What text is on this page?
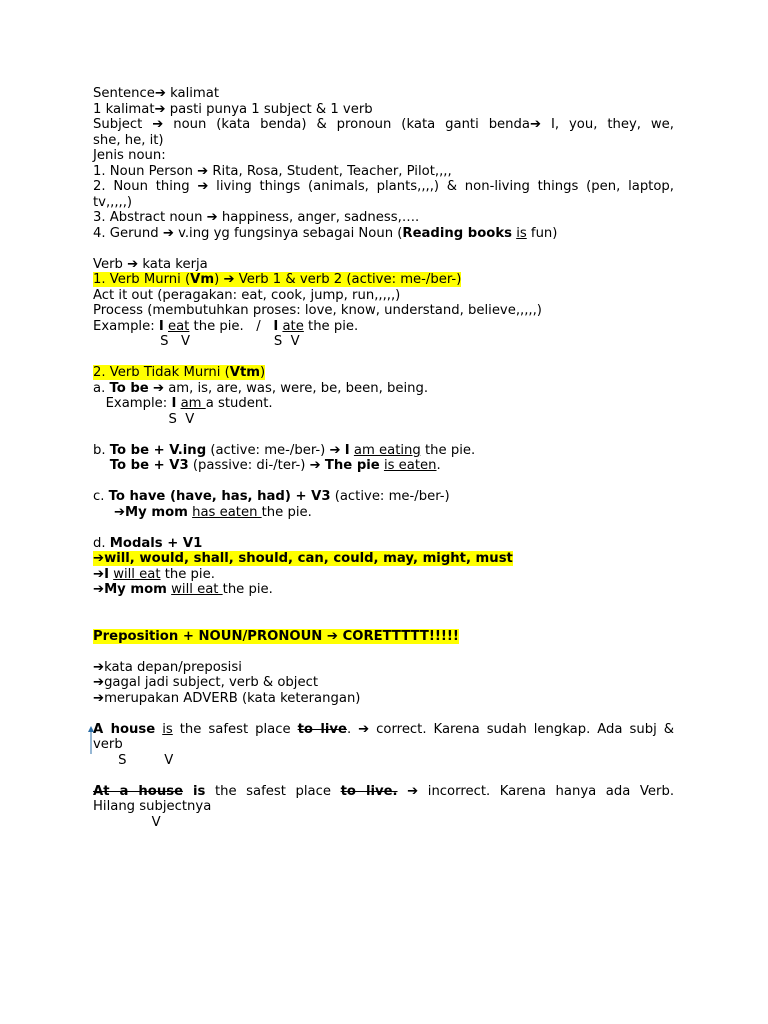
Sentence➔ kalimat
1 kalimat➔ pasti punya 1 subject & 1 verb
Subject ➔ noun (kata benda) & pronoun (kata ganti benda➔ I, you, they, we,
she, he, it)
Jenis noun:
1. Noun Person ➔ Rita, Rosa, Student, Teacher, Pilot,,,,
2. Noun thing ➔ living things (animals, plants,,,,) & non-living things (pen, laptop,
tv,,,,,)
3. Abstract noun ➔ happiness, anger, sadness,….
4. Gerund ➔ v.ing yg fungsinya sebagai Noun (Reading books is fun)
Verb ➔ kata kerja
1. Verb Murni (Vm) ➔ Verb 1 & verb 2 (active: me-/ber-)
Act it out (peragakan: eat, cook, jump, run,,,,,)
Process (membutuhkan proses: love, know, understand, believe,,,,,)
Example: I eat the pie.   /   I ate the pie.
S   V                    S  V
2. Verb Tidak Murni (Vtm)
a. To be ➔ am, is, are, was, were, be, been, being.
Example: I am a student.
S  V
b. To be + V.ing (active: me-/ber-) ➔ I am eating the pie.
To be + V3 (passive: di-/ter-) ➔ The pie is eaten.
c. To have (have, has, had) + V3 (active: me-/ber-)
➔My mom has eaten the pie.
d. Modals + V1
➔will, would, shall, should, can, could, may, might, must
➔I will eat the pie.
➔My mom will eat the pie.
Preposition + NOUN/PRONOUN ➔ CORETTTTT!!!!!
➔kata depan/preposisi
➔gagal jadi subject, verb & object
➔merupakan ADVERB (kata keterangan)
A house is the safest place to live. ➔ correct. Karena sudah lengkap. Ada subj &
verb
S         V
At a house is the safest place to live. ➔ incorrect. Karena hanya ada Verb.
Hilang subjectnya
V
